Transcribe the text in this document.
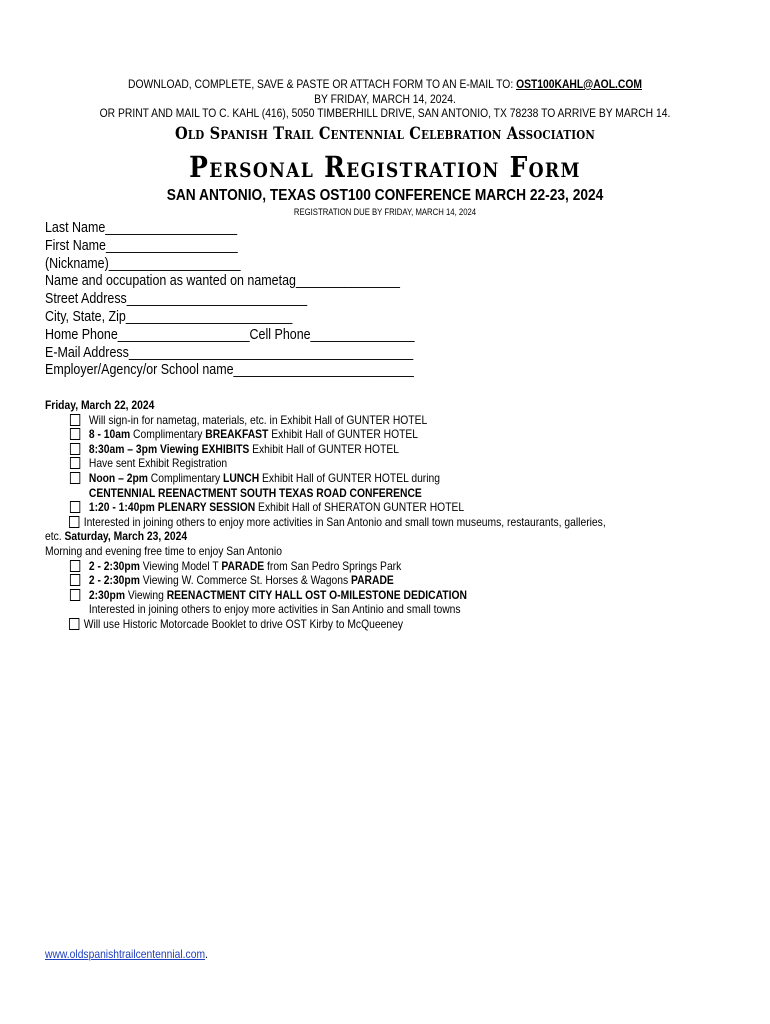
DOWNLOAD, COMPLETE, SAVE & PASTE OR ATTACH FORM TO AN E-MAIL TO: OST100KAHL@AOL.COM
BY FRIDAY, MARCH 14, 2024.
OR PRINT AND MAIL TO C. KAHL (416), 5050 TIMBERHILL DRIVE, SAN ANTONIO, TX 78238 TO ARRIVE BY MARCH 14.
Old Spanish Trail Centennial Celebration Association
Personal Registration Form
SAN ANTONIO, TEXAS OST100 CONFERENCE MARCH 22-23, 2024
REGISTRATION DUE BY FRIDAY, MARCH 14, 2024
Last Name___________________
First Name___________________
(Nickname)___________________
Name and occupation as wanted on nametag_______________
Street Address__________________________
City, State, Zip________________________
Home Phone___________________Cell Phone_______________
E-Mail Address_________________________________________
Employer/Agency/or School name__________________________
Friday, March 22, 2024
Will sign-in for nametag, materials, etc. in Exhibit Hall of GUNTER HOTEL
8 - 10am Complimentary BREAKFAST Exhibit Hall of GUNTER HOTEL
8:30am – 3pm Viewing EXHIBITS Exhibit Hall of GUNTER HOTEL
Have sent Exhibit Registration
Noon – 2pm Complimentary LUNCH Exhibit Hall of GUNTER HOTEL during
CENTENNIAL REENACTMENT SOUTH TEXAS ROAD CONFERENCE
1:20 - 1:40pm PLENARY SESSION Exhibit Hall of SHERATON GUNTER HOTEL
Interested in joining others to enjoy more activities in San Antonio and small town museums, restaurants, galleries,
etc. Saturday, March 23, 2024
Morning and evening free time to enjoy San Antonio
2 - 2:30pm Viewing Model T PARADE from San Pedro Springs Park
2 - 2:30pm Viewing W. Commerce St. Horses & Wagons PARADE
2:30pm Viewing REENACTMENT CITY HALL OST O-MILESTONE DEDICATION
Interested in joining others to enjoy more activities in San Antinio and small towns
Will use Historic Motorcade Booklet to drive OST Kirby to McQueeney
www.oldspanishtrailcentennial.com.
